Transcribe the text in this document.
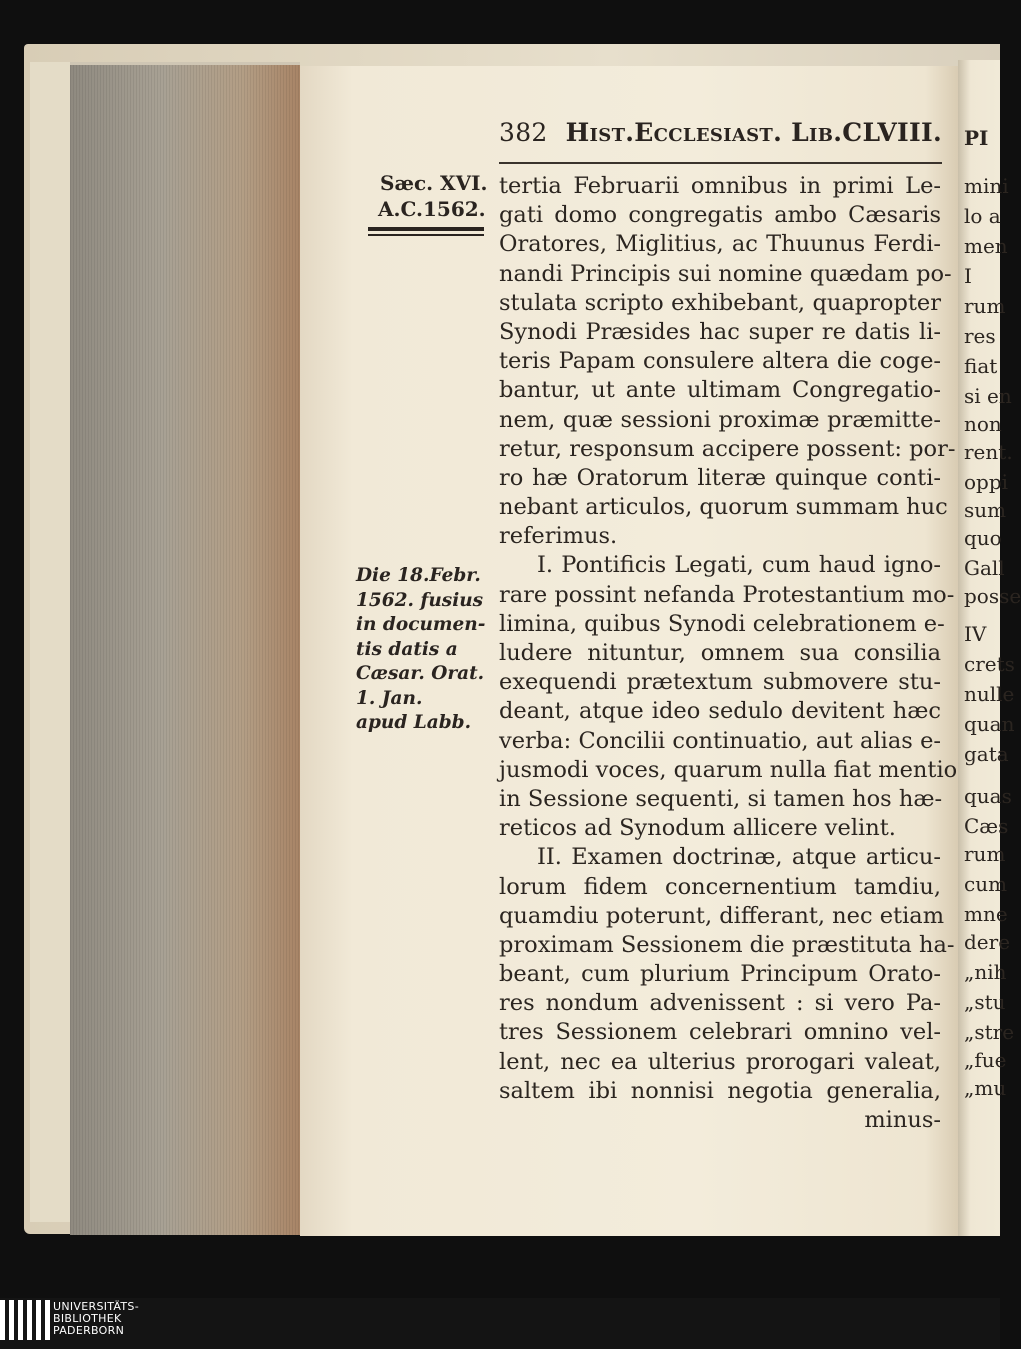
PI
mini
lo a
men
I
rum
res
fiat
si en
non
rent.
oppi
sum
quo
Gall
posse
IV
crets
nulle
quan
gata
quas
Cæs
rum
cum
mne
dere
„nih
„stu
„stre
„fue
„mu
382 Hist.Ecclesiast. Lib.CLVIII.
Sæc. XVI.
A.C.1562.
Die 18.Febr.
1562. fusius
in documen-
tis datis a
Cæsar. Orat.
1. Jan.
apud Labb.
tertia Februarii omnibus in primi Le-
gati domo congregatis ambo Cæsaris
Oratores, Miglitius, ac Thuunus Ferdi-
nandi Principis sui nomine quædam po-
stulata scripto exhibebant, quapropter
Synodi Præsides hac super re datis li-
teris Papam consulere altera die coge-
bantur, ut ante ultimam Congregatio-
nem, quæ sessioni proximæ præmitte-
retur, responsum accipere possent: por-
ro hæ Oratorum literæ quinque conti-
nebant articulos, quorum summam huc
referimus.
I. Pontificis Legati, cum haud igno-
rare possint nefanda Protestantium mo-
limina, quibus Synodi celebrationem e-
ludere nituntur, omnem sua consilia
exequendi prætextum submovere stu-
deant, atque ideo sedulo devitent hæc
verba: Concilii continuatio, aut alias e-
jusmodi voces, quarum nulla fiat mentio
in Sessione sequenti, si tamen hos hæ-
reticos ad Synodum allicere velint.
II. Examen doctrinæ, atque articu-
lorum fidem concernentium tamdiu,
quamdiu poterunt, differant, nec etiam
proximam Sessionem die præstituta ha-
beant, cum plurium Principum Orato-
res nondum advenissent : si vero Pa-
tres Sessionem celebrari omnino vel-
lent, nec ea ulterius prorogari valeat,
saltem ibi nonnisi negotia generalia,
minus-
UNIVERSITÄTS-
BIBLIOTHEK
PADERBORN
